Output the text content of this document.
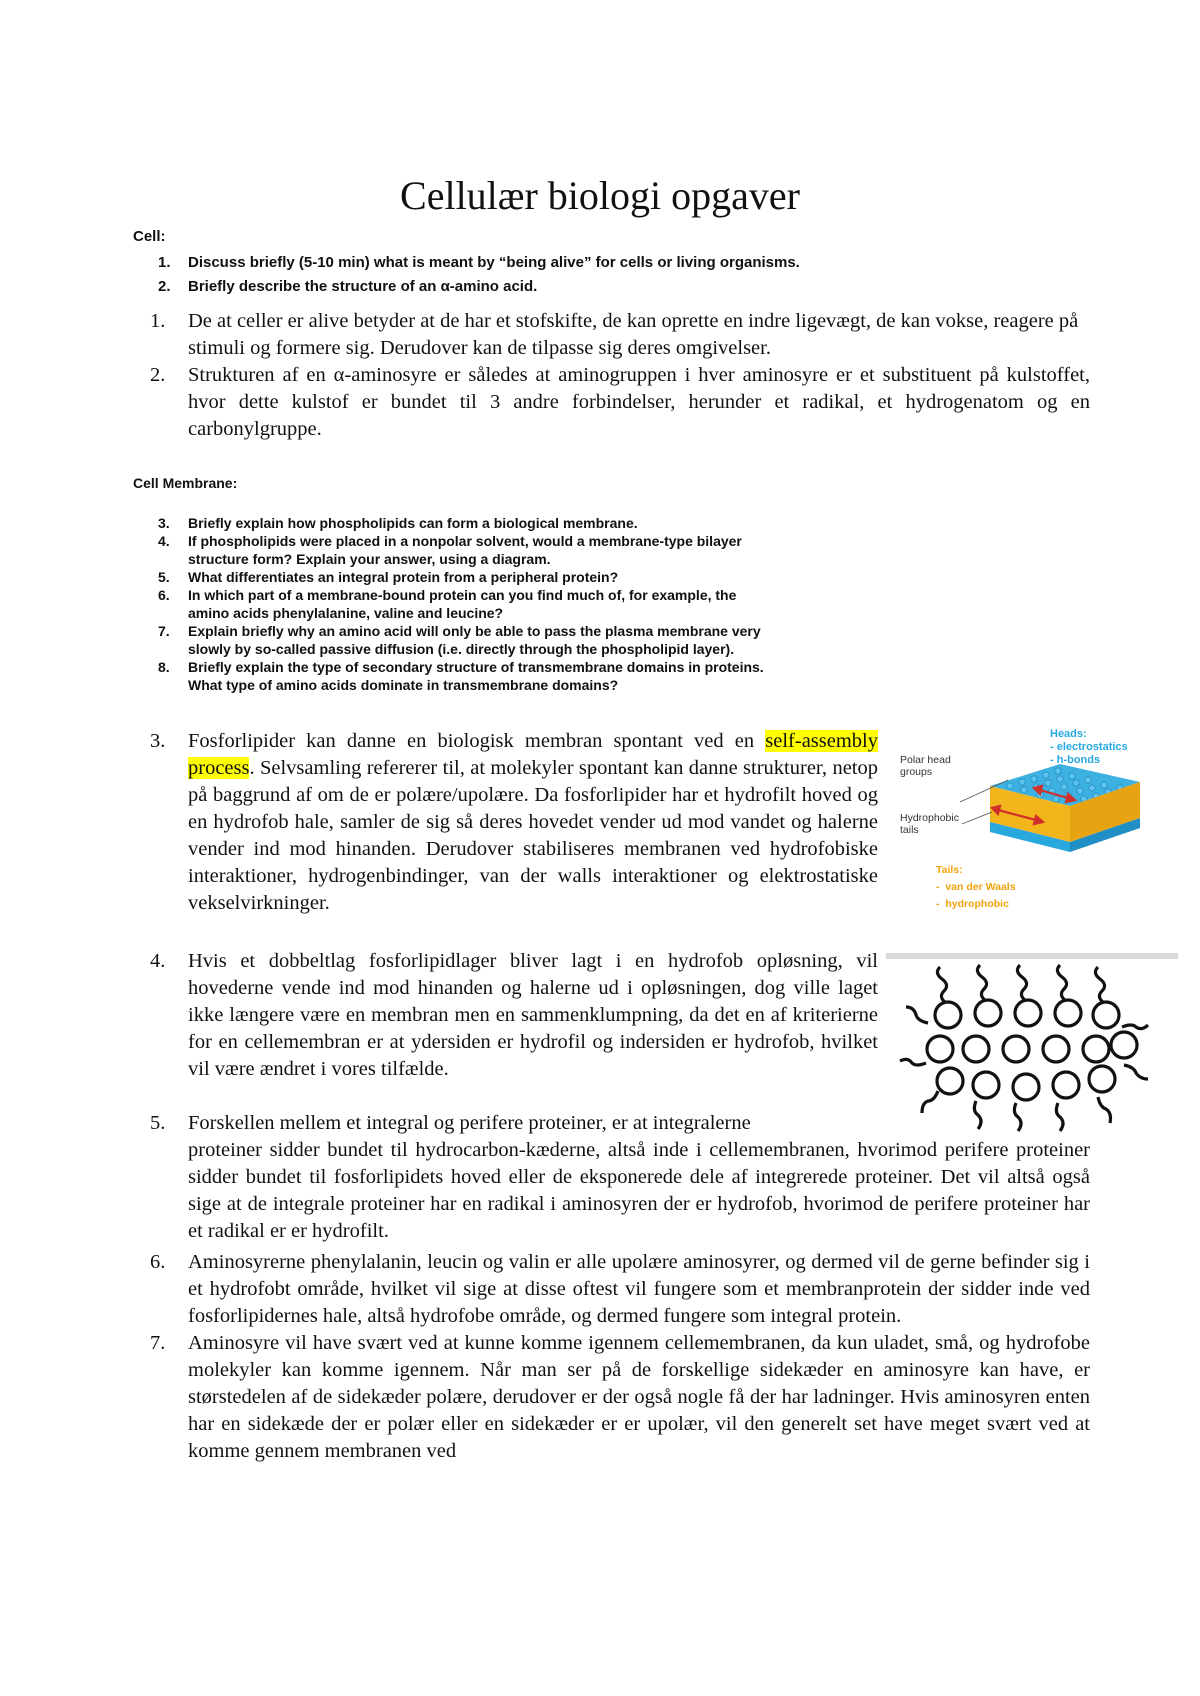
Cellulær biologi opgaver
Cell:
1.	Discuss briefly (5-10 min) what is meant by “being alive” for cells or living organisms.
2.	Briefly describe the structure of an α-amino acid.
1.	De at celler er alive betyder at de har et stofskifte, de kan oprette en indre ligevægt, de kan vokse, reagere på stimuli og formere sig. Derudover kan de tilpasse sig deres omgivelser.
2.	Strukturen af en α-aminosyre er således at aminogruppen i hver aminosyre er et substituent på kulstoffet, hvor dette kulstof er bundet til 3 andre forbindelser, herunder et radikal, et hydrogenatom og en carbonylgruppe.
Cell Membrane:
3.	Briefly explain how phospholipids can form a biological membrane.
4.	If phospholipids were placed in a nonpolar solvent, would a membrane-type bilayer structure form? Explain your answer, using a diagram.
5.	What differentiates an integral protein from a peripheral protein?
6.	In which part of a membrane-bound protein can you find much of, for example, the amino acids phenylalanine, valine and leucine?
7.	Explain briefly why an amino acid will only be able to pass the plasma membrane very slowly by so-called passive diffusion (i.e. directly through the phospholipid layer).
8.	Briefly explain the type of secondary structure of transmembrane domains in proteins. What type of amino acids dominate in transmembrane domains?
3.	Fosforlipider kan danne en biologisk membran spontant ved en self-assembly process. Selvsamling refererer til, at molekyler spontant kan danne strukturer, netop på baggrund af om de er polære/upolære. Da fosforlipider har et hydrofilt hoved og en hydrofob hale, samler de sig så deres hovedet vender ud mod vandet og halerne vender ind mod hinanden. Derudover stabiliseres membranen ved hydrofobiske interaktioner, hydrogenbindinger, van der walls interaktioner og elektrostatiske vekselvirkninger.
Heads:
- electrostatics
- h-bonds
Polar head groups
Hydrophobic tails
Tails:
-  van der Waals
-  hydrophobic
4.	Hvis et dobbeltlag fosforlipidlager bliver lagt i en hydrofob opløsning, vil hovederne vende ind mod hinanden og halerne ud i opløsningen, dog ville laget ikke længere være en membran men en sammenklumpning, da det en af kriterierne for en cellemembran er at ydersiden er hydrofil og indersiden er hydrofob, hvilket vil være ændret i vores tilfælde.
5.	Forskellen mellem et integral og perifere proteiner, er at integralerne
proteiner sidder bundet til hydrocarbon-kæderne, altså inde i cellemembranen, hvorimod perifere proteiner sidder bundet til fosforlipidets hoved eller de eksponerede dele af integrerede proteiner. Det vil altså også sige at de integrale proteiner har en radikal i aminosyren der er hydrofob, hvorimod de perifere proteiner har et radikal er er hydrofilt.
6.	Aminosyrerne phenylalanin, leucin og valin er alle upolære aminosyrer, og dermed vil de gerne befinder sig i et hydrofobt område, hvilket vil sige at disse oftest vil fungere som et membranprotein der sidder inde ved fosforlipidernes hale, altså hydrofobe område, og dermed fungere som integral protein.
7.	Aminosyre vil have svært ved at kunne komme igennem cellemembranen, da kun uladet, små, og hydrofobe molekyler kan komme igennem. Når man ser på de forskellige sidekæder en aminosyre kan have, er størstedelen af de sidekæder polære, derudover er der også nogle få der har ladninger. Hvis aminosyren enten har en sidekæde der er polær eller en sidekæder er er upolær, vil den generelt set have meget svært ved at komme gennem membranen ved
